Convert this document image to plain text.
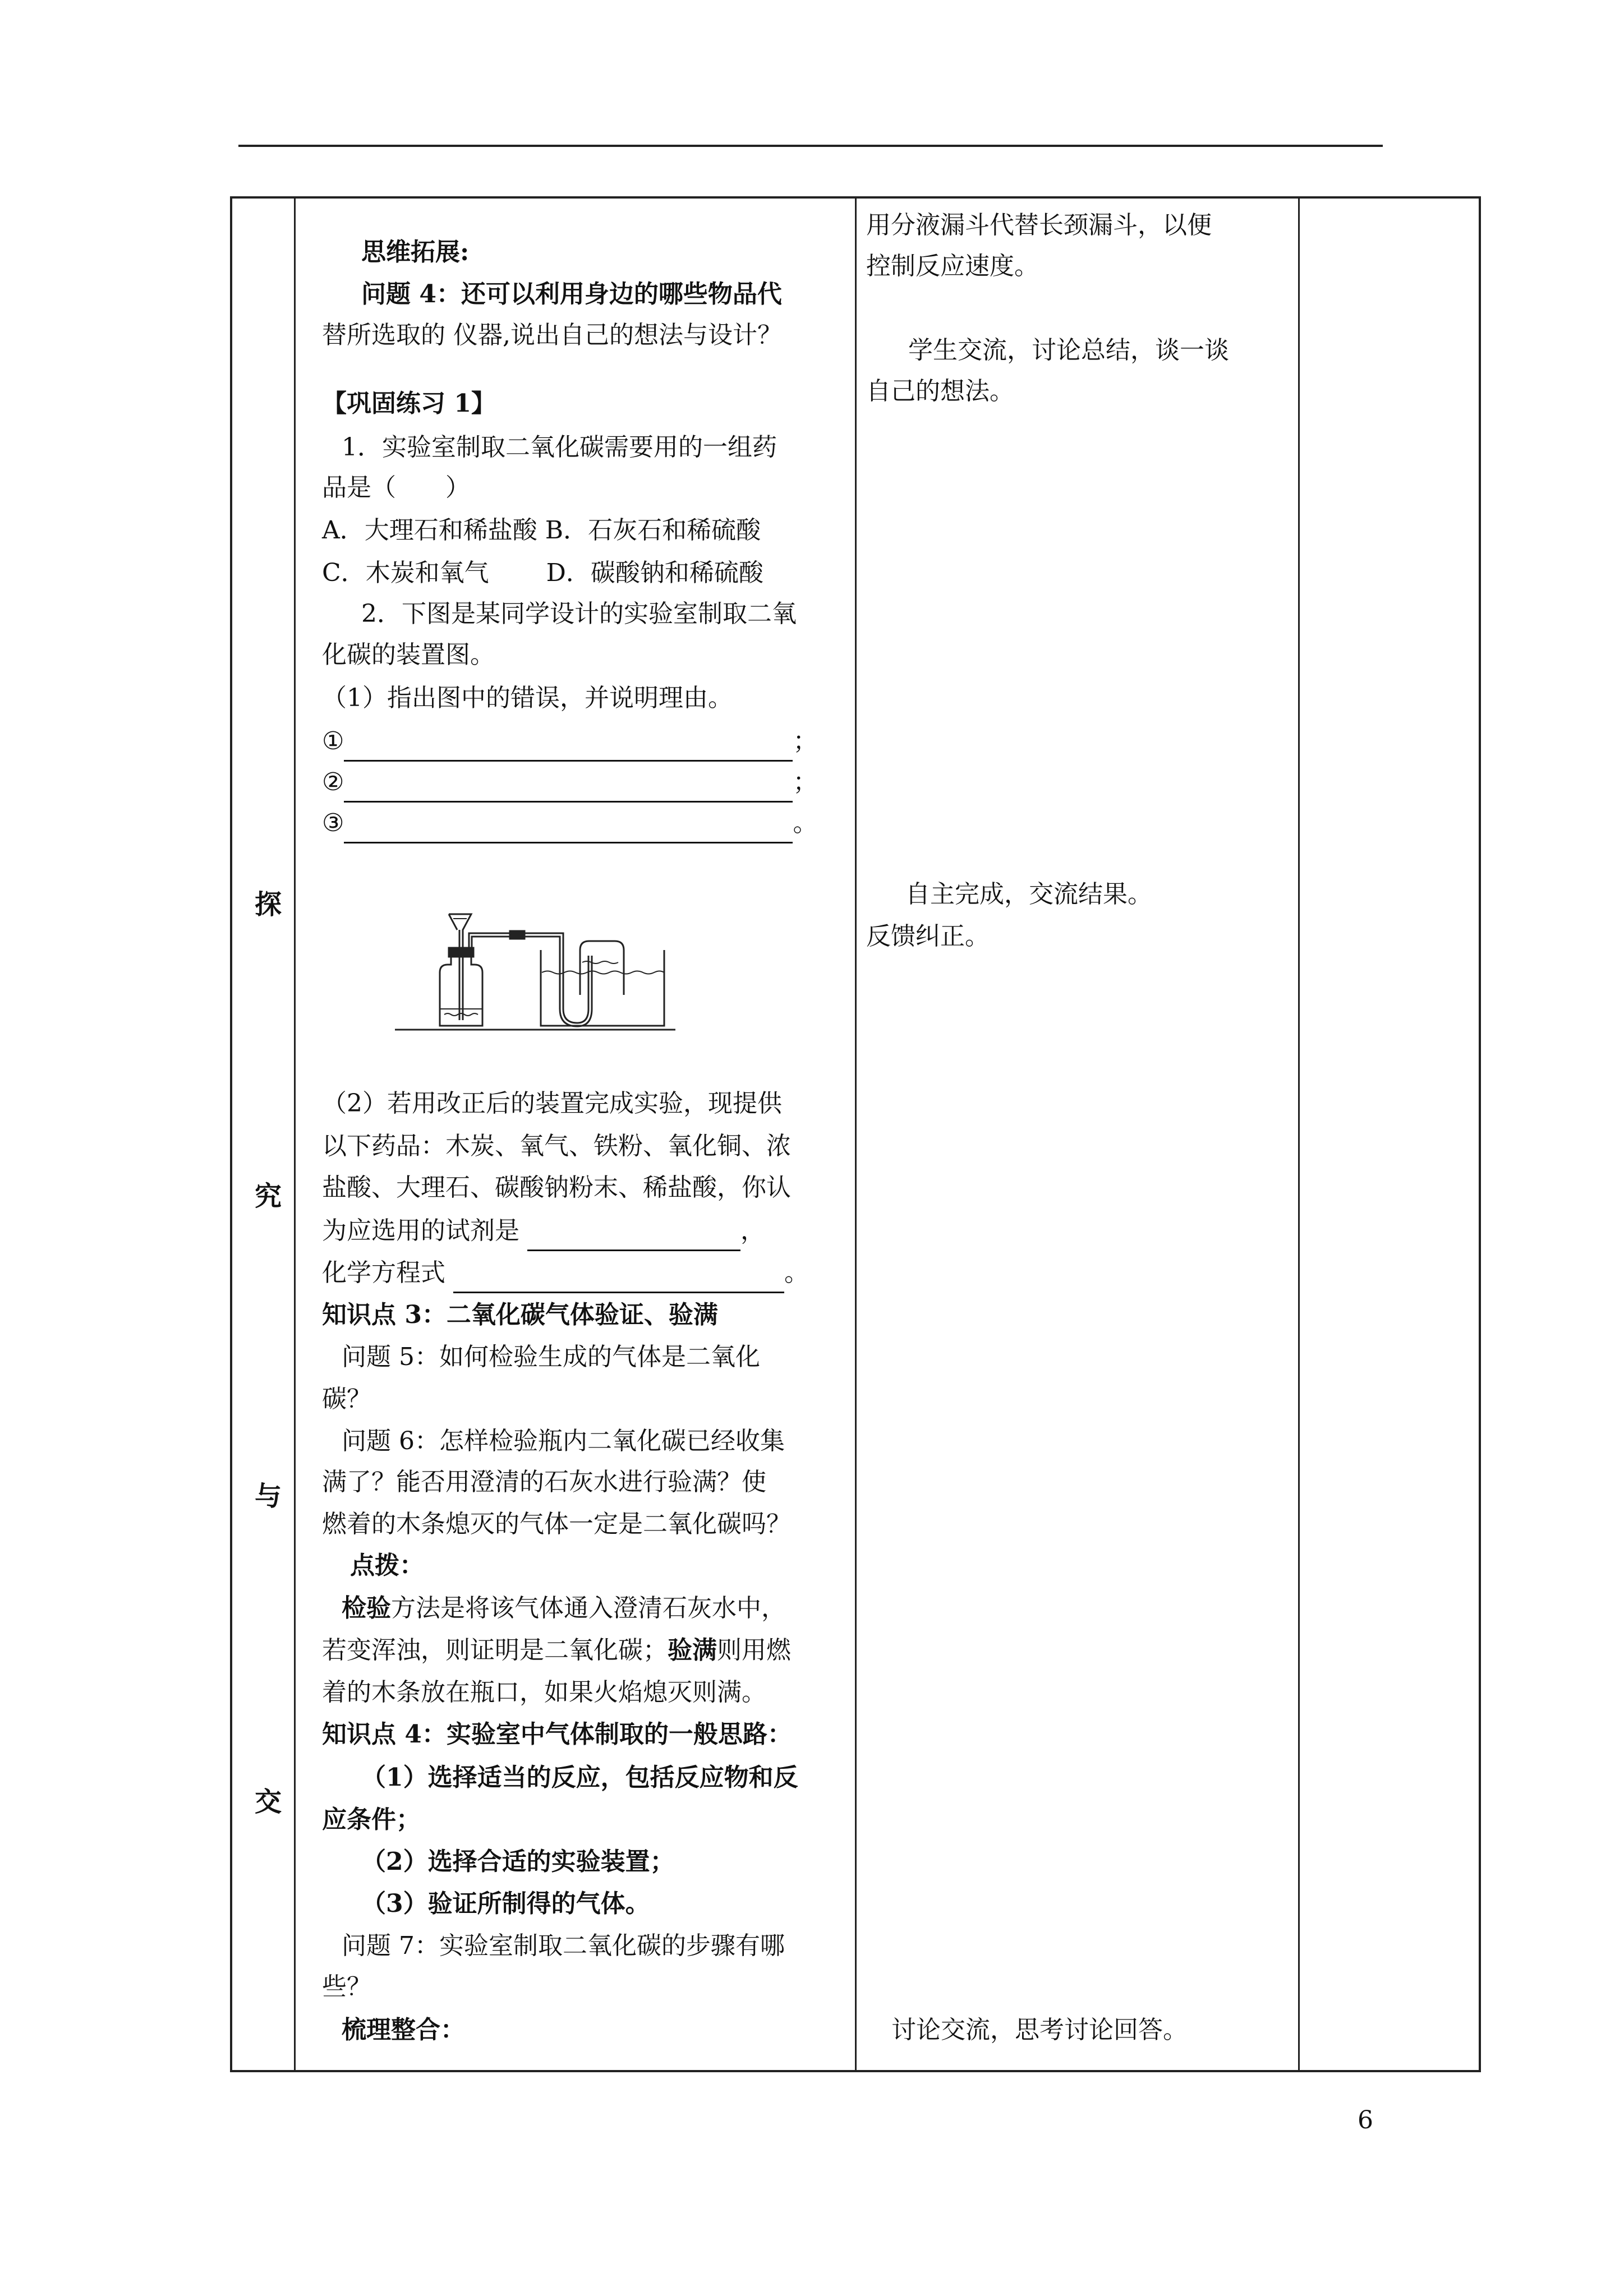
探
究
与
交
思维拓展:
问题 4：还可以利用身边的哪些物品代
替所选取的 仪器,说出自己的想法与设计？
【巩固练习 1】
1．实验室制取二氧化碳需要用的一组药
品是（　　）
A．大理石和稀盐酸 B．石灰石和稀硫酸
C．木炭和氧气　　 D．碳酸钠和稀硫酸
2．下图是某同学设计的实验室制取二氧
化碳的装置图。
（1）指出图中的错误，并说明理由。
①	；
②	；
③	。
（2）若用改正后的装置完成实验，现提供
以下药品：木炭、氧气、铁粉、氧化铜、浓
盐酸、大理石、碳酸钠粉末、稀盐酸，你认
为应选用的试剂是	，
化学方程式	。
知识点 3：二氧化碳气体验证、验满
问题 5：如何检验生成的气体是二氧化
碳？
问题 6：怎样检验瓶内二氧化碳已经收集
满了？能否用澄清的石灰水进行验满？使
燃着的木条熄灭的气体一定是二氧化碳吗？
点拨：
检验方法是将该气体通入澄清石灰水中，
若变浑浊，则证明是二氧化碳；验满则用燃
着的木条放在瓶口，如果火焰熄灭则满。
知识点 4：实验室中气体制取的一般思路：
（1）选择适当的反应，包括反应物和反
应条件；
（2）选择合适的实验装置；
（3）验证所制得的气体。
问题 7：实验室制取二氧化碳的步骤有哪
些？
梳理整合：
用分液漏斗代替长颈漏斗，以便
控制反应速度。
学生交流，讨论总结，谈一谈
自己的想法。
自主完成，交流结果。
反馈纠正。
讨论交流，思考讨论回答。
6
